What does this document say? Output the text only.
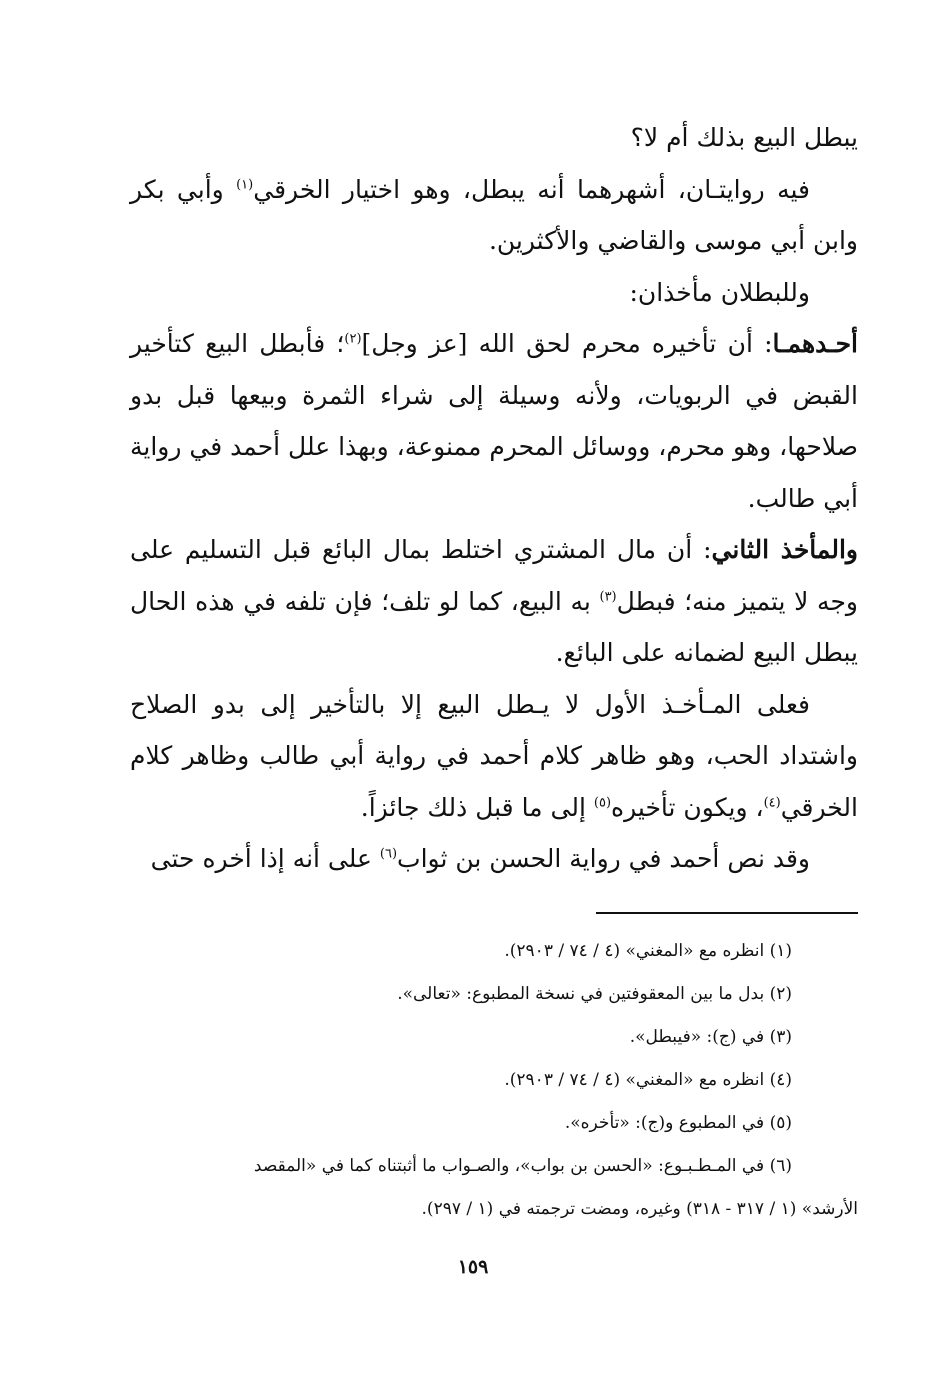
يبطل البيع بذلك أم لا؟

فيه روايتـان، أشهرهما أنه يبطل، وهو اختيار الخرقي$^{(١)}$ وأبي بكر وابن أبي موسى والقاضي والأكثرين.

وللبطلان مأخذان:

أحـدهمـا: أن تأخيره محرم لحق الله [عز وجل]$^{(٢)}$؛ فأبطل البيع كتأخير القبض في الربويات، ولأنه وسيلة إلى شراء الثمرة وبيعها قبل بدو صلاحها، وهو محرم، ووسائل المحرم ممنوعة، وبهذا علل أحمد في رواية أبي طالب.

والمأخذ الثاني: أن مال المشتري اختلط بمال البائع قبل التسليم على وجه لا يتميز منه؛ فبطل$^{(٣)}$ به البيع، كما لو تلف؛ فإن تلفه في هذه الحال يبطل البيع لضمانه على البائع.

فعلى المـأخـذ الأول لا يـطل البيع إلا بالتأخير إلى بدو الصلاح واشتداد الحب، وهو ظاهر كلام أحمد في رواية أبي طالب وظاهر كلام الخرقي$^{(٤)}$، ويكون تأخيره$^{(٥)}$ إلى ما قبل ذلك جائزاً.

وقد نص أحمد في رواية الحسن بن ثواب$^{(٦)}$ على أنه إذا أخره حتى

(١) انظره مع «المغني» (٤ / ٧٤ / ٢٩٠٣).

(٢) بدل ما بين المعقوفتين في نسخة المطبوع: «تعالى».

(٣) في (ج): «فيبطل».

(٤) انظره مع «المغني» (٤ / ٧٤ / ٢٩٠٣).

(٥) في المطبوع و(ج): «تأخره».

(٦) في المـطـبـوع: «الحسن بن بواب»، والصـواب ما أثبتناه كما في «المقصد
الأرشد» (١ / ٣١٧ - ٣١٨) وغيره، ومضت ترجمته في (١ / ٢٩٧).

١٥٩
